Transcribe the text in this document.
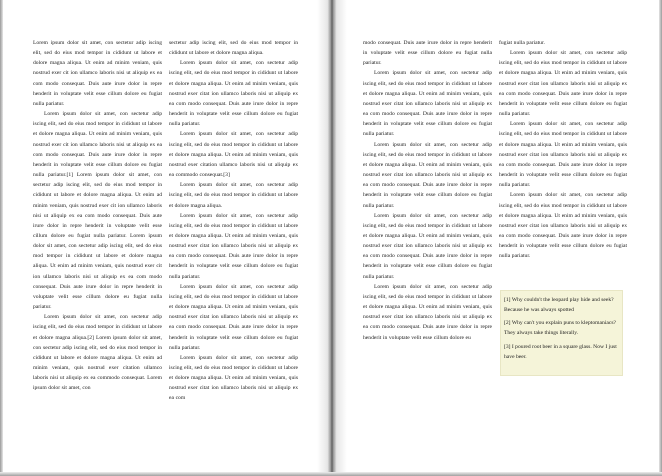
Lorem ipsum dolor sit amet, con sectetur adip iscing elit, sed do eius mod tempor in cididunt ut labore et dolore magna aliqua. Ut enim ad minim veniam, quis nostrud exer cit ion ullamco laboris nisi ut aliquip ex ea com modo consequat. Duis aute irure dolor in repre henderit in voluptate velit esse cillum dolore eu fugiat nulla pariatur.

Lorem ipsum dolor sit amet, con sectetur adip iscing elit, sed do eius mod tempor in cididunt ut labore et dolore magna aliqua. Ut enim ad minim veniam, quis nostrud exer cit ion ullamco laboris nisi ut aliquip ex ea com modo consequat. Duis aute irure dolor in repre henderit in voluptate velit esse cillum dolore eu fugiat nulla pariatur.[1] Lorem ipsum dolor sit amet, con sectetur adip iscing elit, sed do eius mod tempor in cididunt ut labore et dolore magna aliqua. Ut enim ad minim veniam, quis nostrud exer cit ion ullamco laboris nisi ut aliquip ex ea com modo consequat. Duis aute irure dolor in repre henderit in voluptate velit esse cillum dolore eu fugiat nulla pariatur. Lorem ipsum dolor sit amet, con sectetur adip iscing elit, sed do eius mod tempor in cididunt ut labore et dolore magna aliqua. Ut enim ad minim veniam, quis nostrud exer cit ion ullamco laboris nisi ut aliquip ex ea com modo consequat. Duis aute irure dolor in repre henderit in voluptate velit esse cillum dolore eu fugiat nulla pariatur.

Lorem ipsum dolor sit amet, con sectetur adip iscing elit, sed do eius mod tempor in cididunt ut labore et dolore magna aliqua.[2] Lorem ipsum dolor sit amet, con sectetur adip iscing elit, sed do eius mod tempor in cididunt ut labore et dolore magna aliqua. Ut enim ad minim veniam, quis nostrud exer citation ullamco laboris nisi ut aliquip ex ea commodo consequat. Lorem ipsum dolor sit amet, con

sectetur adip iscing elit, sed do eius mod tempor in cididunt ut labore et dolore magna aliqua.

Lorem ipsum dolor sit amet, con sectetur adip iscing elit, sed do eius mod tempor in cididunt ut labore et dolore magna aliqua. Ut enim ad minim veniam, quis nostrud exer citat ion ullamco laboris nisi ut aliquip ex ea com modo consequat. Duis aute irure dolor in repre henderit in voluptate velit esse cillum dolore eu fugiat nulla pariatur.

Lorem ipsum dolor sit amet, con sectetur adip iscing elit, sed do eius mod tempor in cididunt ut labore et dolore magna aliqua. Ut enim ad minim veniam, quis nostrud exer citation ullamco laboris nisi ut aliquip ex ea commodo consequat.[3]

Lorem ipsum dolor sit amet, con sectetur adip iscing elit, sed do eius mod tempor in cididunt ut labore et dolore magna aliqua.

Lorem ipsum dolor sit amet, con sectetur adip iscing elit, sed do eius mod tempor in cididunt ut labore et dolore magna aliqua. Ut enim ad minim veniam, quis nostrud exer citat ion ullamco laboris nisi ut aliquip ex ea com modo consequat. Duis aute irure dolor in repre henderit in voluptate velit esse cillum dolore eu fugiat nulla pariatur.

Lorem ipsum dolor sit amet, con sectetur adip iscing elit, sed do eius mod tempor in cididunt ut labore et dolore magna aliqua. Ut enim ad minim veniam, quis nostrud exer citat ion ullamco laboris nisi ut aliquip ex ea com modo consequat. Duis aute irure dolor in repre henderit in voluptate velit esse cillum dolore eu fugiat nulla pariatur.

Lorem ipsum dolor sit amet, con sectetur adip iscing elit, sed do eius mod tempor in cididunt ut labore et dolore magna aliqua. Ut enim ad minim veniam, quis nostrud exer citat ion ullamco laboris nisi ut aliquip ex ea com

modo consequat. Duis aute irure dolor in repre henderit in voluptate velit esse cillum dolore eu fugiat nulla pariatur.

Lorem ipsum dolor sit amet, con sectetur adip iscing elit, sed do eius mod tempor in cididunt ut labore et dolore magna aliqua. Ut enim ad minim veniam, quis nostrud exer citat ion ullamco laboris nisi ut aliquip ex ea com modo consequat. Duis aute irure dolor in repre henderit in voluptate velit esse cillum dolore eu fugiat nulla pariatur.

Lorem ipsum dolor sit amet, con sectetur adip iscing elit, sed do eius mod tempor in cididunt ut labore et dolore magna aliqua. Ut enim ad minim veniam, quis nostrud exer citat ion ullamco laboris nisi ut aliquip ex ea com modo consequat. Duis aute irure dolor in repre henderit in voluptate velit esse cillum dolore eu fugiat nulla pariatur.

Lorem ipsum dolor sit amet, con sectetur adip iscing elit, sed do eius mod tempor in cididunt ut labore et dolore magna aliqua. Ut enim ad minim veniam, quis nostrud exer citat ion ullamco laboris nisi ut aliquip ex ea com modo consequat. Duis aute irure dolor in repre henderit in voluptate velit esse cillum dolore eu fugiat nulla pariatur.

Lorem ipsum dolor sit amet, con sectetur adip iscing elit, sed do eius mod tempor in cididunt ut labore et dolore magna aliqua. Ut enim ad minim veniam, quis nostrud exer citat ion ullamco laboris nisi ut aliquip ex ea com modo consequat. Duis aute irure dolor in repre henderit in voluptate velit esse cillum dolore eu

fugiat nulla pariatur.

Lorem ipsum dolor sit amet, con sectetur adip iscing elit, sed do eius mod tempor in cididunt ut labore et dolore magna aliqua. Ut enim ad minim veniam, quis nostrud exer citat ion ullamco laboris nisi ut aliquip ex ea com modo consequat. Duis aute irure dolor in repre henderit in voluptate velit esse cillum dolore eu fugiat nulla pariatur.

Lorem ipsum dolor sit amet, con sectetur adip iscing elit, sed do eius mod tempor in cididunt ut labore et dolore magna aliqua. Ut enim ad minim veniam, quis nostrud exer citat ion ullamco laboris nisi ut aliquip ex ea com modo consequat. Duis aute irure dolor in repre henderit in voluptate velit esse cillum dolore eu fugiat nulla pariatur.

Lorem ipsum dolor sit amet, con sectetur adip iscing elit, sed do eius mod tempor in cididunt ut labore et dolore magna aliqua. Ut enim ad minim veniam, quis nostrud exer citat ion ullamco laboris nisi ut aliquip ex ea com modo consequat. Duis aute irure dolor in repre henderit in voluptate velit esse cillum dolore eu fugiat nulla pariatur.

[1] Why couldn't the leopard play hide and seek? Because he was always spotted

[2] Why can't you explain puns to kleptomaniacs? They always take things literally.

[3] I poured root beer in a square glass. Now I just have beer.
